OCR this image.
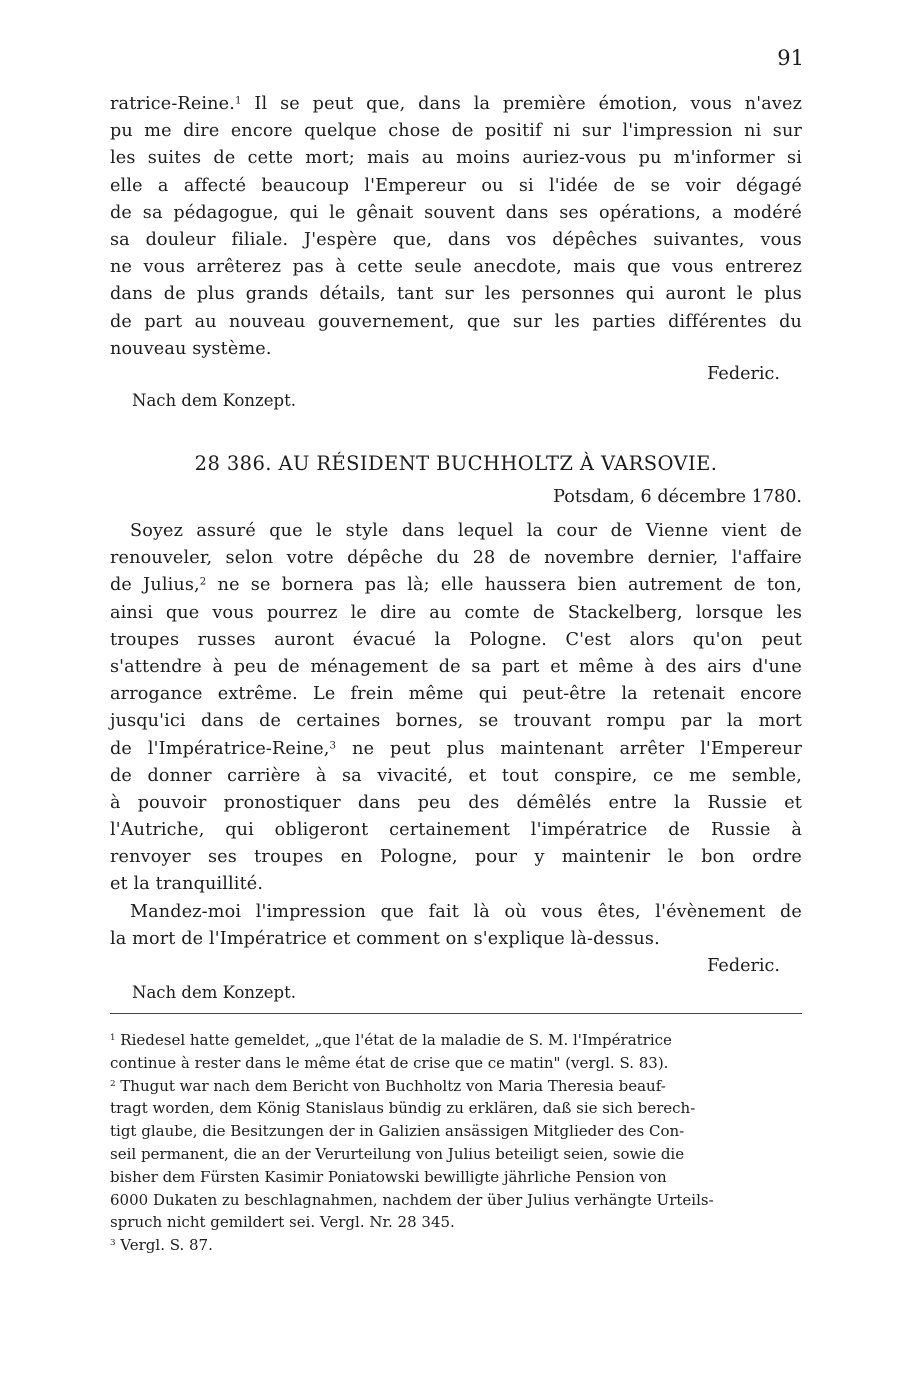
91
ratrice-Reine.$^1$ Il se peut que, dans la première émotion, vous n'avez
pu me dire encore quelque chose de positif ni sur l'impression ni sur
les suites de cette mort; mais au moins auriez-vous pu m'informer si
elle a affecté beaucoup l'Empereur ou si l'idée de se voir dégagé
de sa pédagogue, qui le gênait souvent dans ses opérations, a modéré
sa douleur filiale. J'espère que, dans vos dépêches suivantes, vous
ne vous arrêterez pas à cette seule anecdote, mais que vous entrerez
dans de plus grands détails, tant sur les personnes qui auront le plus
de part au nouveau gouvernement, que sur les parties différentes du
nouveau système.
Federic.
Nach dem Konzept.
28 386. AU RÉSIDENT BUCHHOLTZ À VARSOVIE.
Potsdam, 6 décembre 1780.
Soyez assuré que le style dans lequel la cour de Vienne vient de
renouveler, selon votre dépêche du 28 de novembre dernier, l'affaire
de Julius,$^2$ ne se bornera pas là; elle haussera bien autrement de ton,
ainsi que vous pourrez le dire au comte de Stackelberg, lorsque les
troupes russes auront évacué la Pologne. C'est alors qu'on peut
s'attendre à peu de ménagement de sa part et même à des airs d'une
arrogance extrême. Le frein même qui peut-être la retenait encore
jusqu'ici dans de certaines bornes, se trouvant rompu par la mort
de l'Impératrice-Reine,$^3$ ne peut plus maintenant arrêter l'Empereur
de donner carrière à sa vivacité, et tout conspire, ce me semble,
à pouvoir pronostiquer dans peu des démêlés entre la Russie et
l'Autriche, qui obligeront certainement l'impératrice de Russie à
renvoyer ses troupes en Pologne, pour y maintenir le bon ordre
et la tranquillité.
Mandez-moi l'impression que fait là où vous êtes, l'évènement de
la mort de l'Impératrice et comment on s'explique là-dessus.
Federic.
Nach dem Konzept.
$^1$ Riedesel hatte gemeldet, „que l'état de la maladie de S. M. l'Impératrice
continue à rester dans le même état de crise que ce matin" (vergl. S. 83).
$^2$ Thugut war nach dem Bericht von Buchholtz von Maria Theresia beauf-
tragt worden, dem König Stanislaus bündig zu erklären, daß sie sich berech-
tigt glaube, die Besitzungen der in Galizien ansässigen Mitglieder des Con-
seil permanent, die an der Verurteilung von Julius beteiligt seien, sowie die
bisher dem Fürsten Kasimir Poniatowski bewilligte jährliche Pension von
6000 Dukaten zu beschlagnahmen, nachdem der über Julius verhängte Urteils-
spruch nicht gemildert sei. Vergl. Nr. 28 345.
$^3$ Vergl. S. 87.
